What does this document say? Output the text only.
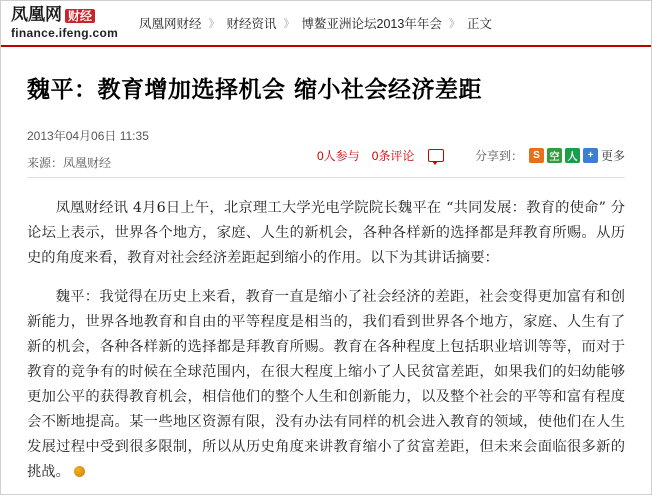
凤凰网 财经
finance.ifeng.com
凤凰网财经 》 财经资讯 》 博鳌亚洲论坛2013年年会 》 正文
魏平：教育增加选择机会 缩小社会经济差距
2013年04月06日 11:35
来源：凤凰财经	0人参与 0条评论	分享到：	S 空 人	+ 更多

凤凰财经讯 4月6日上午，北京理工大学光电学院院长魏平在 “共同发展：教育的使命” 分论坛上表示，世界各个地方，家庭、人生的新机会，各种各样新的选择都是拜教育所赐。从历史的角度来看，教育对社会经济差距起到缩小的作用。以下为其讲话摘要：

魏平：我觉得在历史上来看，教育一直是缩小了社会经济的差距，社会变得更加富有和创新能力，世界各地教育和自由的平等程度是相当的，我们看到世界各个地方，家庭、人生有了新的机会，各种各样新的选择都是拜教育所赐。教育在各种程度上包括职业培训等等，而对于教育的竞争有的时候在全球范围内，在很大程度上缩小了人民贫富差距，如果我们的妇幼能够更加公平的获得教育机会，相信他们的整个人生和创新能力，以及整个社会的平等和富有程度会不断地提高。某一些地区资源有限，没有办法有同样的机会进入教育的领域，使他们在人生发展过程中受到很多限制，所以从历史角度来讲教育缩小了贫富差距，但未来会面临很多新的挑战。
